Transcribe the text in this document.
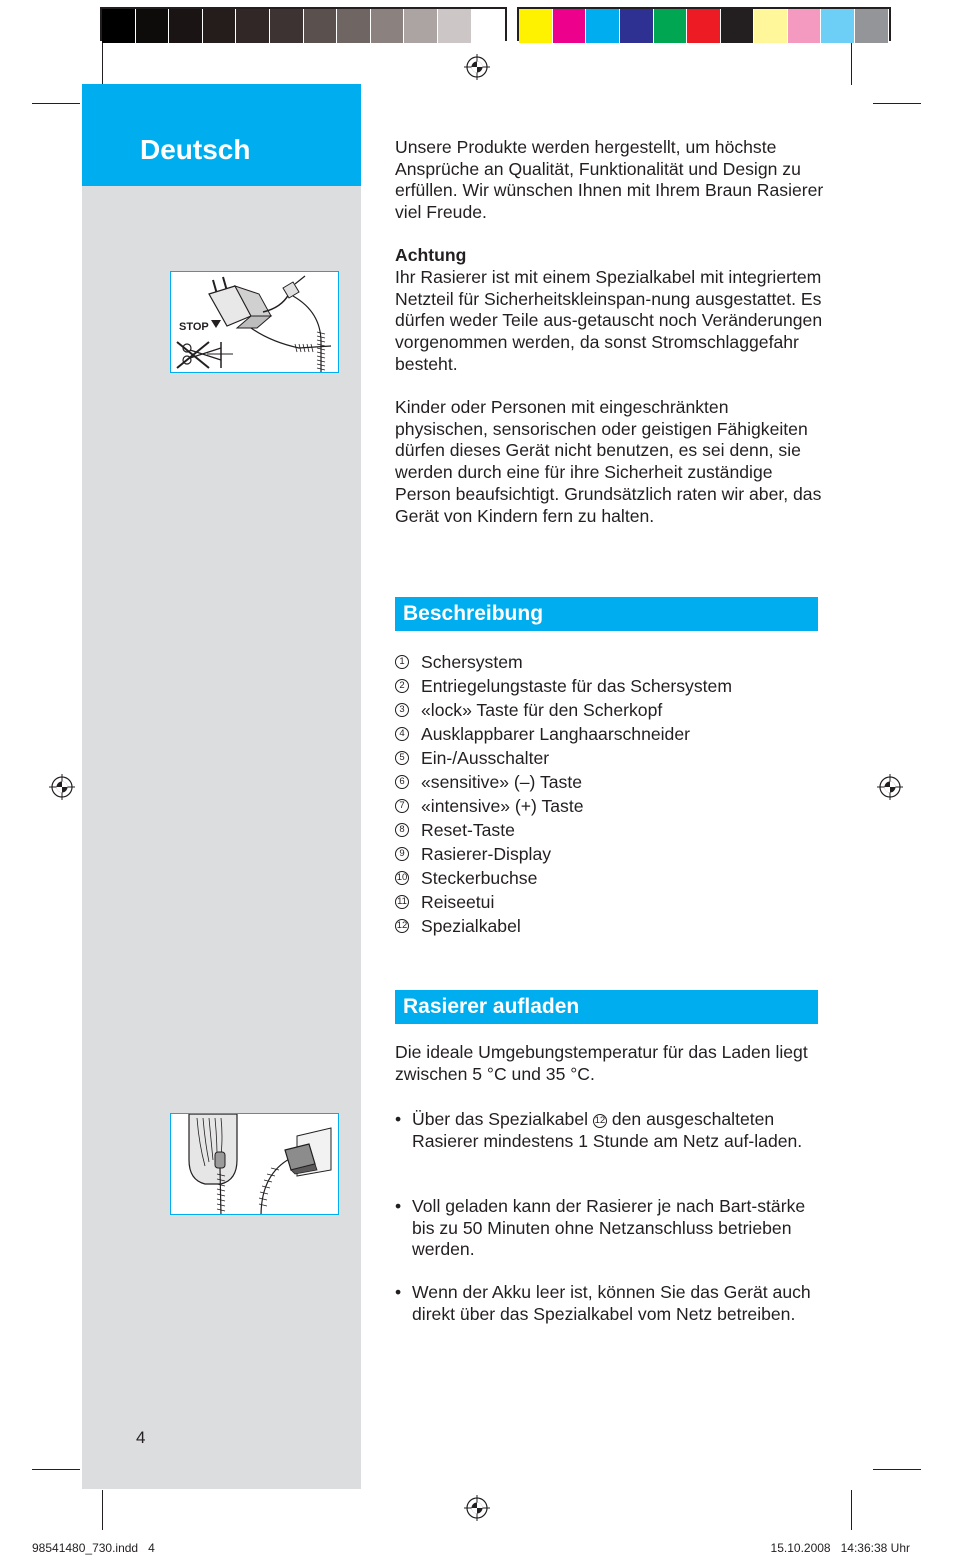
Deutsch
STOP
4

Unsere Produkte werden hergestellt, um höchste Ansprüche an Qualität, Funktionalität und Design zu erfüllen. Wir wünschen Ihnen mit Ihrem Braun Rasierer viel Freude.

Achtung

Ihr Rasierer ist mit einem Spezialkabel mit integriertem Netzteil für Sicherheitskleinspan-nung ausgestattet. Es dürfen weder Teile aus-getauscht noch Veränderungen vorgenommen werden, da sonst Stromschlaggefahr besteht.

Kinder oder Personen mit eingeschränkten physischen, sensorischen oder geistigen Fähigkeiten dürfen dieses Gerät nicht benutzen, es sei denn, sie werden durch eine für ihre Sicherheit zuständige Person beaufsichtigt. Grundsätzlich raten wir aber, das Gerät von Kindern fern zu halten.

Beschreibung
1 Schersystem
2 Entriegelungstaste für das Schersystem
3 «lock» Taste für den Scherkopf
4 Ausklappbarer Langhaarschneider
5 Ein-/Ausschalter
6 «sensitive» (–) Taste
7 «intensive» (+) Taste
8 Reset-Taste
9 Rasierer-Display
10 Steckerbuchse
11 Reiseetui
12 Spezialkabel
Rasierer aufladen

Die ideale Umgebungstemperatur für das Laden liegt zwischen 5 °C und 35 °C.

• Über das Spezialkabel 12 den ausgeschalteten Rasierer mindestens 1 Stunde am Netz auf-laden.
• Voll geladen kann der Rasierer je nach Bart-stärke bis zu 50 Minuten ohne Netzanschluss betrieben werden.
• Wenn der Akku leer ist, können Sie das Gerät auch direkt über das Spezialkabel vom Netz betreiben.
98541480_730.indd   4	15.10.2008   14:36:38 Uhr
